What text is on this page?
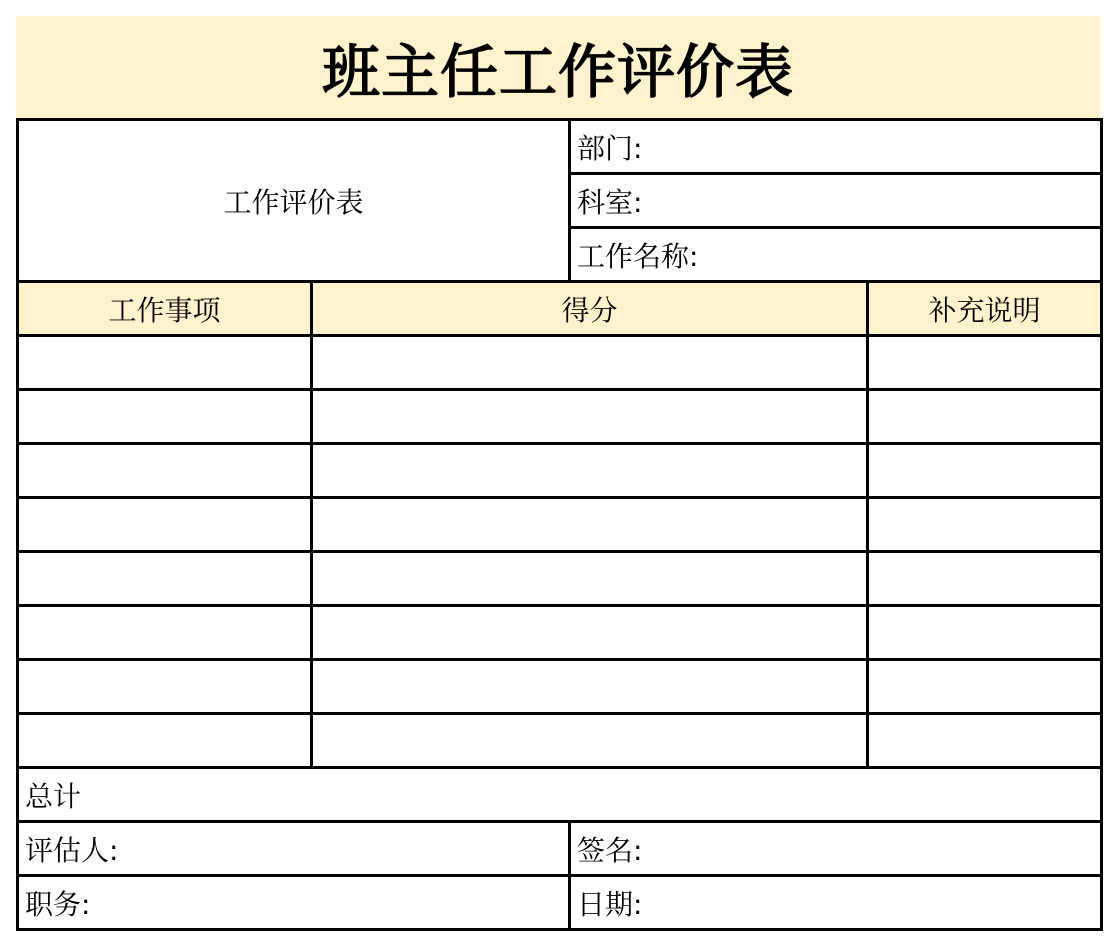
班主任工作评价表
工作评价表		部门:	
		科室:	
		工作名称:	
工作事项	得分		补充说明

总计			
评估人:		签名:	
职务:		日期:	
